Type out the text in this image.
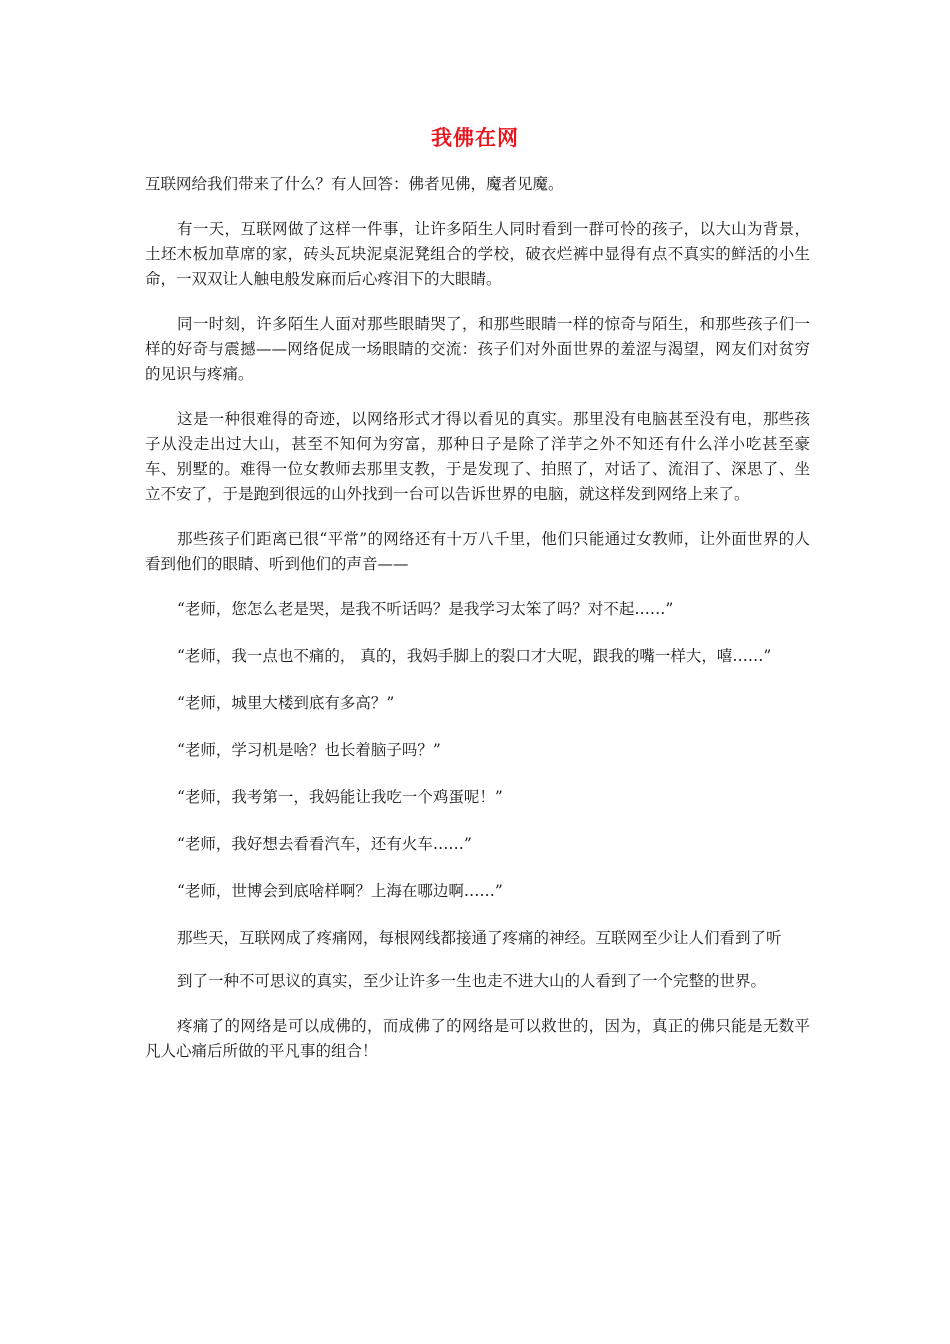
我佛在网

互联网给我们带来了什么？有人回答：佛者见佛，魔者见魔。

有一天，互联网做了这样一件事，让许多陌生人同时看到一群可怜的孩子，以大山为背景，土坯木板加草席的家，砖头瓦块泥桌泥凳组合的学校，破衣烂裤中显得有点不真实的鲜活的小生命，一双双让人触电般发麻而后心疼泪下的大眼睛。

同一时刻，许多陌生人面对那些眼睛哭了，和那些眼睛一样的惊奇与陌生，和那些孩子们一样的好奇与震撼——网络促成一场眼睛的交流：孩子们对外面世界的羞涩与渴望，网友们对贫穷的见识与疼痛。

这是一种很难得的奇迹，以网络形式才得以看见的真实。那里没有电脑甚至没有电，那些孩子从没走出过大山，甚至不知何为穷富，那种日子是除了洋芋之外不知还有什么洋小吃甚至豪车、别墅的。难得一位女教师去那里支教，于是发现了、拍照了，对话了、流泪了、深思了、坐立不安了，于是跑到很远的山外找到一台可以告诉世界的电脑，就这样发到网络上来了。

那些孩子们距离已很“平常”的网络还有十万八千里，他们只能通过女教师，让外面世界的人看到他们的眼睛、听到他们的声音——

“老师，您怎么老是哭，是我不听话吗？是我学习太笨了吗？对不起……”

“老师，我一点也不痛的， 真的，我妈手脚上的裂口才大呢，跟我的嘴一样大，嘻……”

“老师，城里大楼到底有多高？”

“老师，学习机是啥？也长着脑子吗？”

“老师，我考第一，我妈能让我吃一个鸡蛋呢！”

“老师，我好想去看看汽车，还有火车……”

“老师，世博会到底啥样啊？上海在哪边啊……”

那些天，互联网成了疼痛网，每根网线都接通了疼痛的神经。互联网至少让人们看到了听

到了一种不可思议的真实，至少让许多一生也走不进大山的人看到了一个完整的世界。

疼痛了的网络是可以成佛的，而成佛了的网络是可以救世的，因为，真正的佛只能是无数平凡人心痛后所做的平凡事的组合！
